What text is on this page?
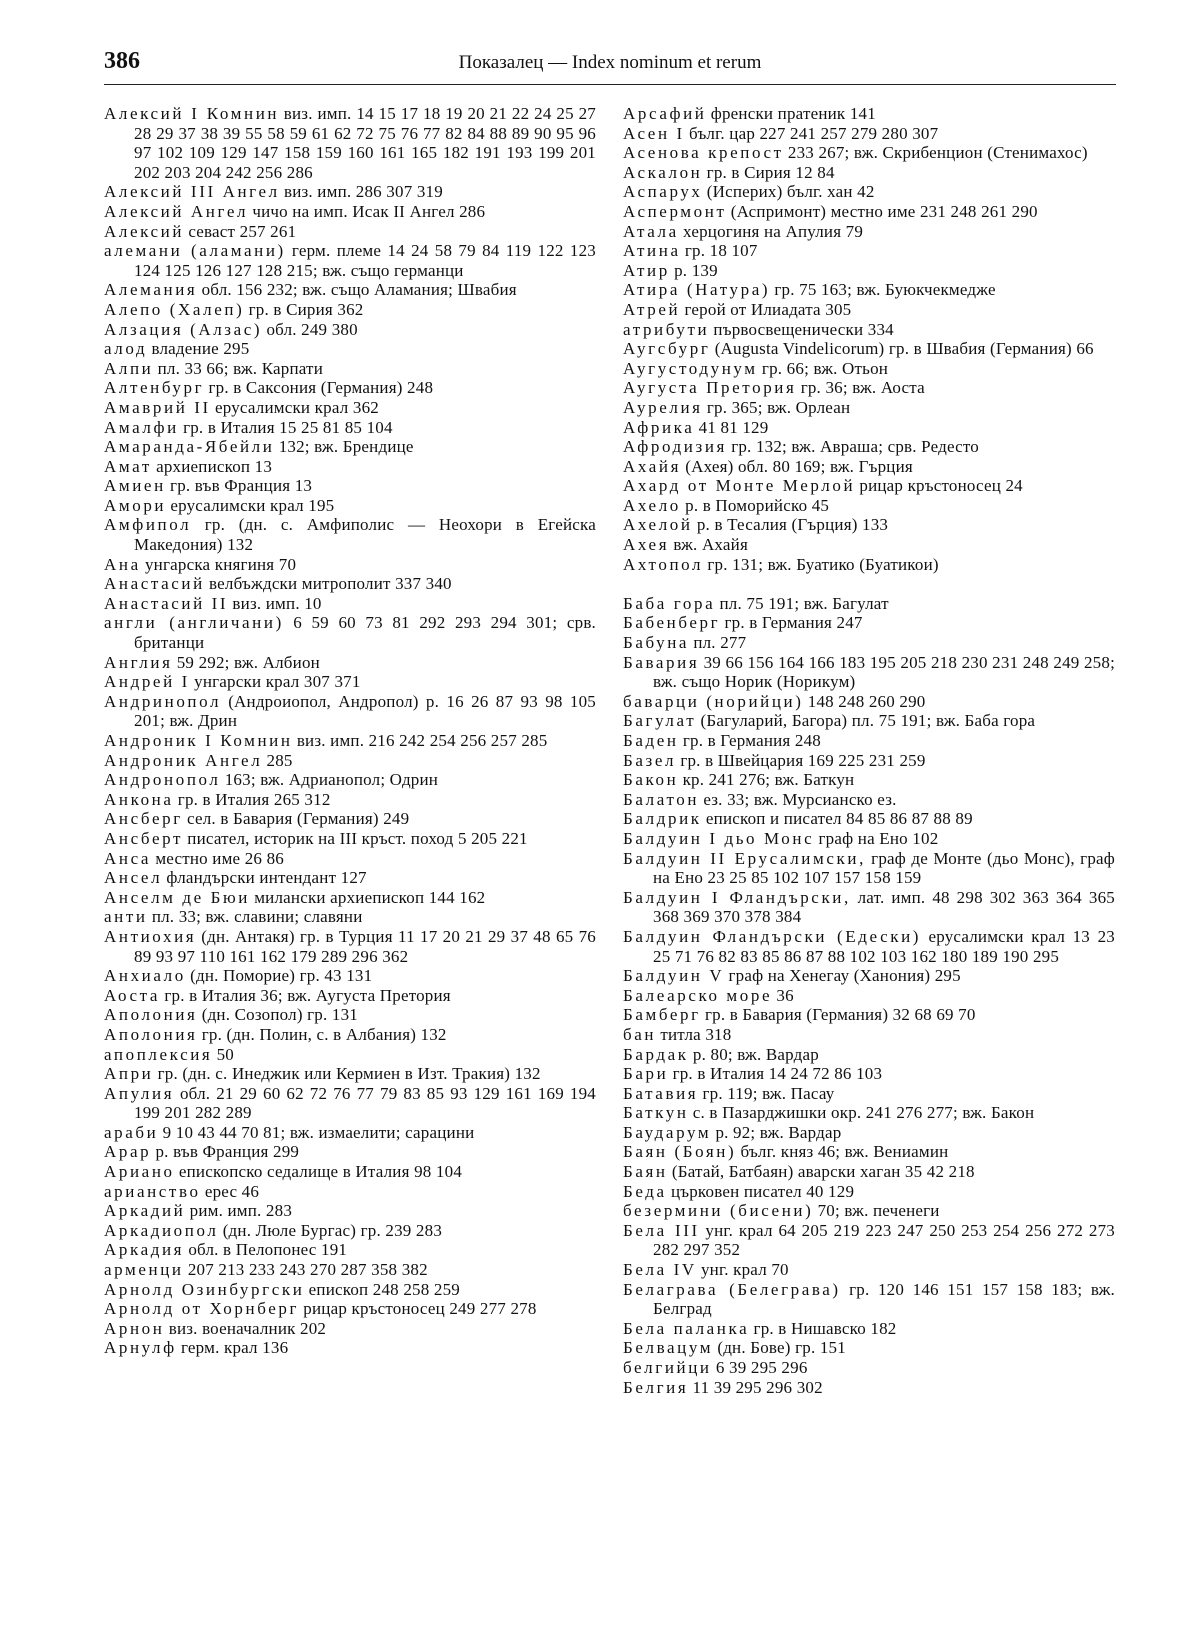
386	Показалец — Index nominum et rerum

Алексий I Комнин виз. имп. 14 15 17 18 19 20 21 22 24 25 27 28 29 37 38 39 55 58 59 61 62 72 75 76 77 82 84 88 89 90 95 96 97 102 109 129 147 158 159 160 161 165 182 191 193 199 201 202 203 204 242 256 286

Алексий III Ангел виз. имп. 286 307 319

Алексий Ангел чичо на имп. Исак II Ангел 286

Алексий севаст 257 261

алемани (аламани) герм. племе 14 24 58 79 84 119 122 123 124 125 126 127 128 215; вж. също германци

Алемания обл. 156 232; вж. също Аламания; Швабия

Алепо (Халеп) гр. в Сирия 362

Алзация (Алзас) обл. 249 380

алод владение 295

Алпи пл. 33 66; вж. Карпати

Алтенбург гр. в Саксония (Германия) 248

Амаврий II ерусалимски крал 362

Амалфи гр. в Италия 15 25 81 85 104

Амаранда-Ябейли 132; вж. Брендице

Амат архиепископ 13

Амиен гр. във Франция 13

Амори ерусалимски крал 195

Амфипол гр. (дн. с. Амфиполис — Неохори в Егейска Македония) 132

Ана унгарска княгиня 70

Анастасий велбъждски митрополит 337 340

Анастасий II виз. имп. 10

англи (англичани) 6 59 60 73 81 292 293 294 301; срв. британци

Англия 59 292; вж. Албион

Андрей I унгарски крал 307 371

Андринопол (Андроиопол, Андропол) р. 16 26 87 93 98 105 201; вж. Дрин

Андроник I Комнин виз. имп. 216 242 254 256 257 285

Андроник Ангел 285

Андронопол 163; вж. Адрианопол; Одрин

Анкона гр. в Италия 265 312

Ансберг сел. в Бавария (Германия) 249

Ансберт писател, историк на III кръст. поход 5 205 221

Анса местно име 26 86

Ансел фландърски интендант 127

Анселм де Бюи милански архиепископ 144 162

анти пл. 33; вж. славини; славяни

Антиохия (дн. Антакя) гр. в Турция 11 17 20 21 29 37 48 65 76 89 93 97 110 161 162 179 289 296 362

Анхиало (дн. Поморие) гр. 43 131

Аоста гр. в Италия 36; вж. Аугуста Претория

Аполония (дн. Созопол) гр. 131

Аполония гр. (дн. Полин, с. в Албания) 132

апоплексия 50

Апри гр. (дн. с. Инеджик или Кермиен в Изт. Тракия) 132

Апулия обл. 21 29 60 62 72 76 77 79 83 85 93 129 161 169 194 199 201 282 289

араби 9 10 43 44 70 81; вж. измаелити; сарацини

Арар р. във Франция 299

Ариано епископско седалище в Италия 98 104

арианство ерес 46

Аркадий рим. имп. 283

Аркадиопол (дн. Люле Бургас) гр. 239 283

Аркадия обл. в Пелопонес 191

арменци 207 213 233 243 270 287 358 382

Арнолд Озинбургски епископ 248 258 259

Арнолд от Хорнберг рицар кръстоносец 249 277 278

Арнон виз. военачалник 202

Арнулф герм. крал 136

Арсафий френски пратеник 141

Асен I бълг. цар 227 241 257 279 280 307

Асенова крепост 233 267; вж. Скрибенцион (Стенимахос)

Аскалон гр. в Сирия 12 84

Аспарух (Исперих) бълг. хан 42

Аспермонт (Аспримонт) местно име 231 248 261 290

Атала херцогиня на Апулия 79

Атина гр. 18 107

Атир р. 139

Атира (Натура) гр. 75 163; вж. Буюкчекмедже

Атрей герой от Илиадата 305

атрибути първосвещенически 334

Аугсбург (Augusta Vindelicorum) гр. в Швабия (Германия) 66

Аугустодунум гр. 66; вж. Отьон

Аугуста Претория гр. 36; вж. Аоста

Аурелия гр. 365; вж. Орлеан

Африка 41 81 129

Афродизия гр. 132; вж. Авраша; срв. Редесто

Ахайя (Ахея) обл. 80 169; вж. Гърция

Ахард от Монте Мерлой рицар кръстоносец 24

Ахело р. в Поморийско 45

Ахелой р. в Тесалия (Гърция) 133

Ахея вж. Ахайя

Ахтопол гр. 131; вж. Буатико (Буатикои)

Баба гора пл. 75 191; вж. Багулат

Бабенберг гр. в Германия 247

Бабуна пл. 277

Бавария 39 66 156 164 166 183 195 205 218 230 231 248 249 258; вж. също Норик (Норикум)

баварци (норийци) 148 248 260 290

Багулат (Багуларий, Багора) пл. 75 191; вж. Баба гора

Баден гр. в Германия 248

Базел гр. в Швейцария 169 225 231 259

Бакон кр. 241 276; вж. Баткун

Балатон ез. 33; вж. Мурсианско ез.

Балдрик епископ и писател 84 85 86 87 88 89

Балдуин I дьо Монс граф на Ено 102

Балдуин II Ерусалимски, граф де Монте (дьо Монс), граф на Ено 23 25 85 102 107 157 158 159

Балдуин I Фландърски, лат. имп. 48 298 302 363 364 365 368 369 370 378 384

Балдуин Фландърски (Едески) ерусалимски крал 13 23 25 71 76 82 83 85 86 87 88 102 103 162 180 189 190 295

Балдуин V граф на Хенегау (Ханония) 295

Балеарско море 36

Бамберг гр. в Бавария (Германия) 32 68 69 70

бан титла 318

Бардак р. 80; вж. Вардар

Бари гр. в Италия 14 24 72 86 103

Батавия гр. 119; вж. Пасау

Баткун с. в Пазарджишки окр. 241 276 277; вж. Бакон

Баударум р. 92; вж. Вардар

Баян (Боян) бълг. княз 46; вж. Вениамин

Баян (Батай, Батбаян) аварски хаган 35 42 218

Беда църковен писател 40 129

безермини (бисени) 70; вж. печенеги

Бела III унг. крал 64 205 219 223 247 250 253 254 256 272 273 282 297 352

Бела IV унг. крал 70

Белаграва (Белеграва) гр. 120 146 151 157 158 183; вж. Белград

Бела паланка гр. в Нишавско 182

Белвацум (дн. Бове) гр. 151

белгийци 6 39 295 296

Белгия 11 39 295 296 302
